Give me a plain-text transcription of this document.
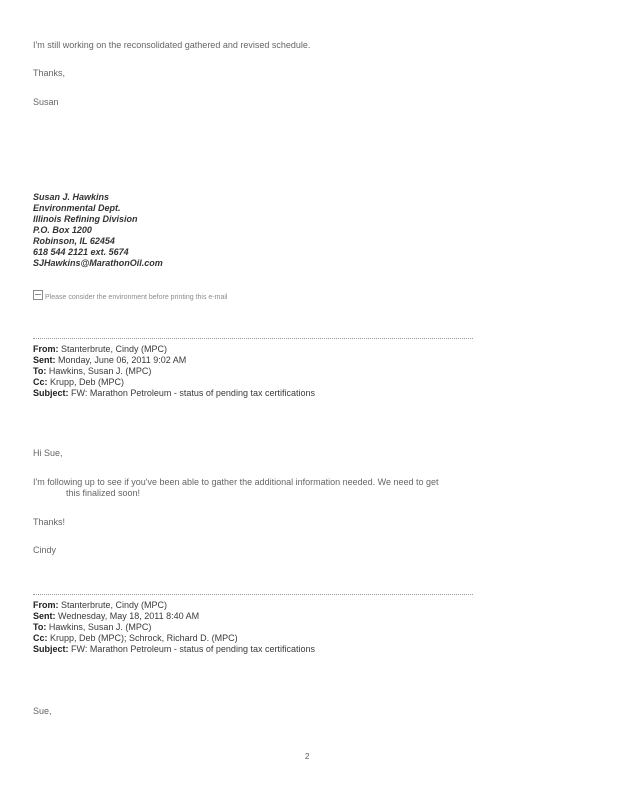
I'm still working on the reconsolidated gathered and revised schedule.
Thanks,
Susan
Susan J. Hawkins
Environmental Dept.
Illinois Refining Division
P.O. Box 1200
Robinson, IL 62454
618 544 2121 ext. 5674
SJHawkins@MarathonOil.com
Please consider the environment before printing this e-mail
From: Stanterbrute, Cindy (MPC)
Sent: Monday, June 06, 2011 9:02 AM
To: Hawkins, Susan J. (MPC)
Cc: Krupp, Deb (MPC)
Subject: FW: Marathon Petroleum - status of pending tax certifications
Hi Sue,
I'm following up to see if you've been able to gather the additional information needed. We need to get
this finalized soon!
Thanks!
Cindy
From: Stanterbrute, Cindy (MPC)
Sent: Wednesday, May 18, 2011 8:40 AM
To: Hawkins, Susan J. (MPC)
Cc: Krupp, Deb (MPC); Schrock, Richard D. (MPC)
Subject: FW: Marathon Petroleum - status of pending tax certifications
Sue,
2
